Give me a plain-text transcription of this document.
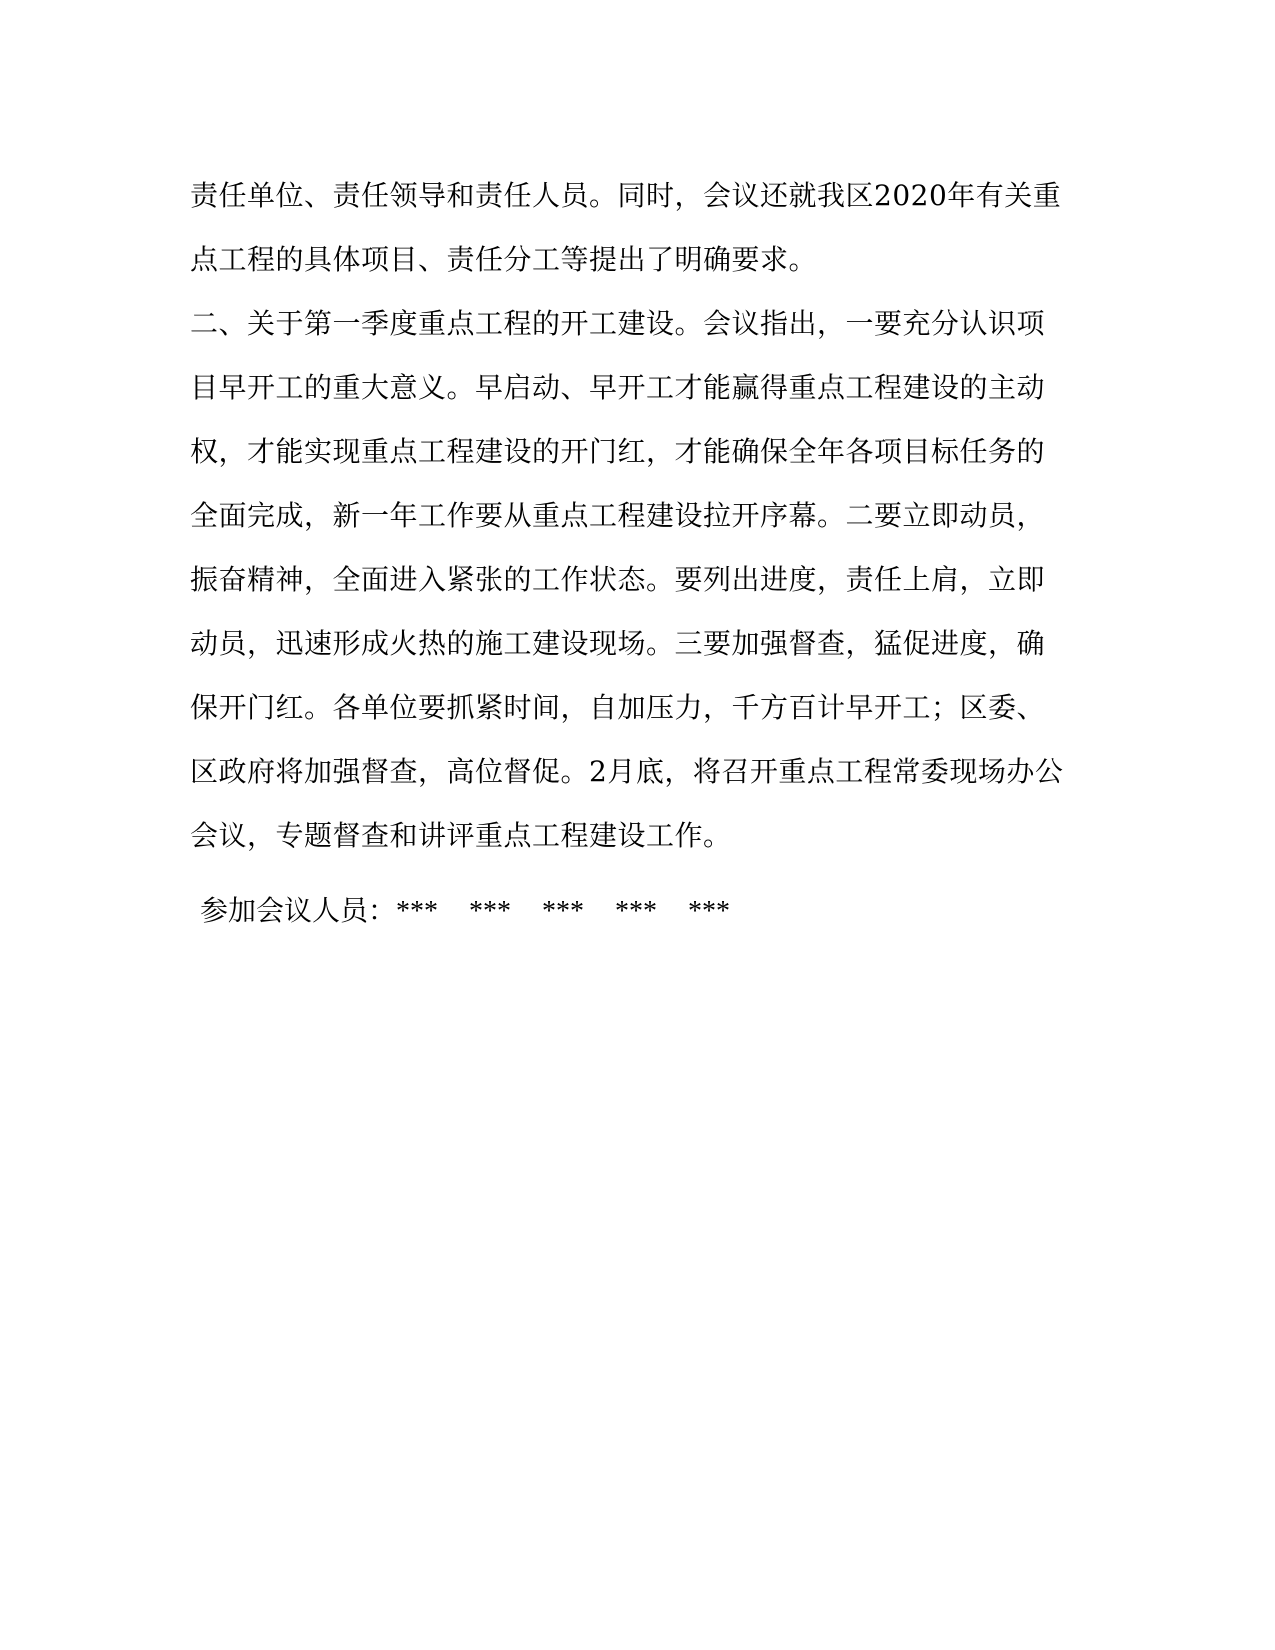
责任单位、责任领导和责任人员。同时，会议还就我区2020年有关重
点工程的具体项目、责任分工等提出了明确要求。
二、关于第一季度重点工程的开工建设。会议指出，一要充分认识项
目早开工的重大意义。早启动、早开工才能赢得重点工程建设的主动
权，才能实现重点工程建设的开门红，才能确保全年各项目标任务的
全面完成，新一年工作要从重点工程建设拉开序幕。二要立即动员，
振奋精神，全面进入紧张的工作状态。要列出进度，责任上肩，立即
动员，迅速形成火热的施工建设现场。三要加强督查，猛促进度，确
保开门红。各单位要抓紧时间，自加压力，千方百计早开工；区委、
区政府将加强督查，高位督促。2月底，将召开重点工程常委现场办公
会议，专题督查和讲评重点工程建设工作。
参加会议人员：*** *** *** *** ***
